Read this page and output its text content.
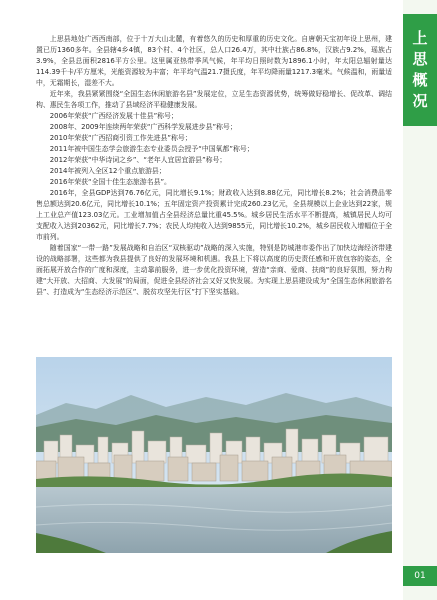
上思概况

上思县地处广西西南部，位于十万大山北麓，有着悠久的历史和厚重的历史文化。自唐朝天宝初年设上思州，建置已历1360多年。全县辖4乡4镇，83个村、4个社区，总人口26.4万，其中壮族占86.8%，汉族占9.2%，瑶族占3.9%，全县总面积2816平方公里。这里属亚热带季风气候，年平均日照时数为1896.1小时，年太阳总辐射量达114.39千卡/平方厘米，光能资源较为丰富；年平均气温21.7摄氏度，年平均降雨量1217.3毫米。气候温和，雨量适中，无霜期长，湿差不大。

近年来，我县紧紧围绕“全国生态休闲旅游名县”发展定位，立足生态资源优势，统筹做好稳增长、促改革、调结构、惠民生各项工作，推动了县域经济平稳健康发展。

2006年荣获“广西经济发展十佳县”称号；

2008年、2009年连续两年荣获“广西科学发展进步县”称号；

2010年荣获“广西招商引资工作先进县”称号；

2011年被中国生态学会旅游生态专业委员会授予“中国氧都”称号；

2012年荣获“中华诗词之乡”、“老年人宜居宜游县”称号；

2014年被列入全区12个重点旅游县；

2016年荣获“全国十佳生态旅游名县”。

2016年，全县GDP达到76.76亿元，同比增长9.1%；财政收入达到8.88亿元，同比增长8.2%；社会消费品零售总额达到20.6亿元，同比增长10.1%；五年固定资产投资累计完成260.23亿元，全县规模以上企业达到22家，规上工业总产值123.03亿元。工业增加值占全县经济总量比重45.5%。城乡居民生活水平不断提高，城镇居民人均可支配收入达到20362元，同比增长7.7%；农民人均纯收入达到9855元，同比增长10.2%，城乡居民收入增幅位于全市前列。

随着国家“一带一路”发展战略和自治区“双核驱动”战略的深入实施，特别是防城港市委作出了加快边海经济带建设的战略部署，这些都为我县提供了良好的发展环境和机遇。我县上下将以高度的历史责任感和开放包容的姿态，全面拓展开放合作的广度和深度，主动靠前服务，进一步优化投资环境，营造“亲商、爱商、扶商”的良好氛围，努力构建“大开放、大招商、大发展”的局面，促进全县经济社会又好又快发展。为实现上思县建设成为“全国生态休闲旅游名县”、打造成为“生态经济示范区”、脱贫攻坚先行区”打下坚实基础。

01
